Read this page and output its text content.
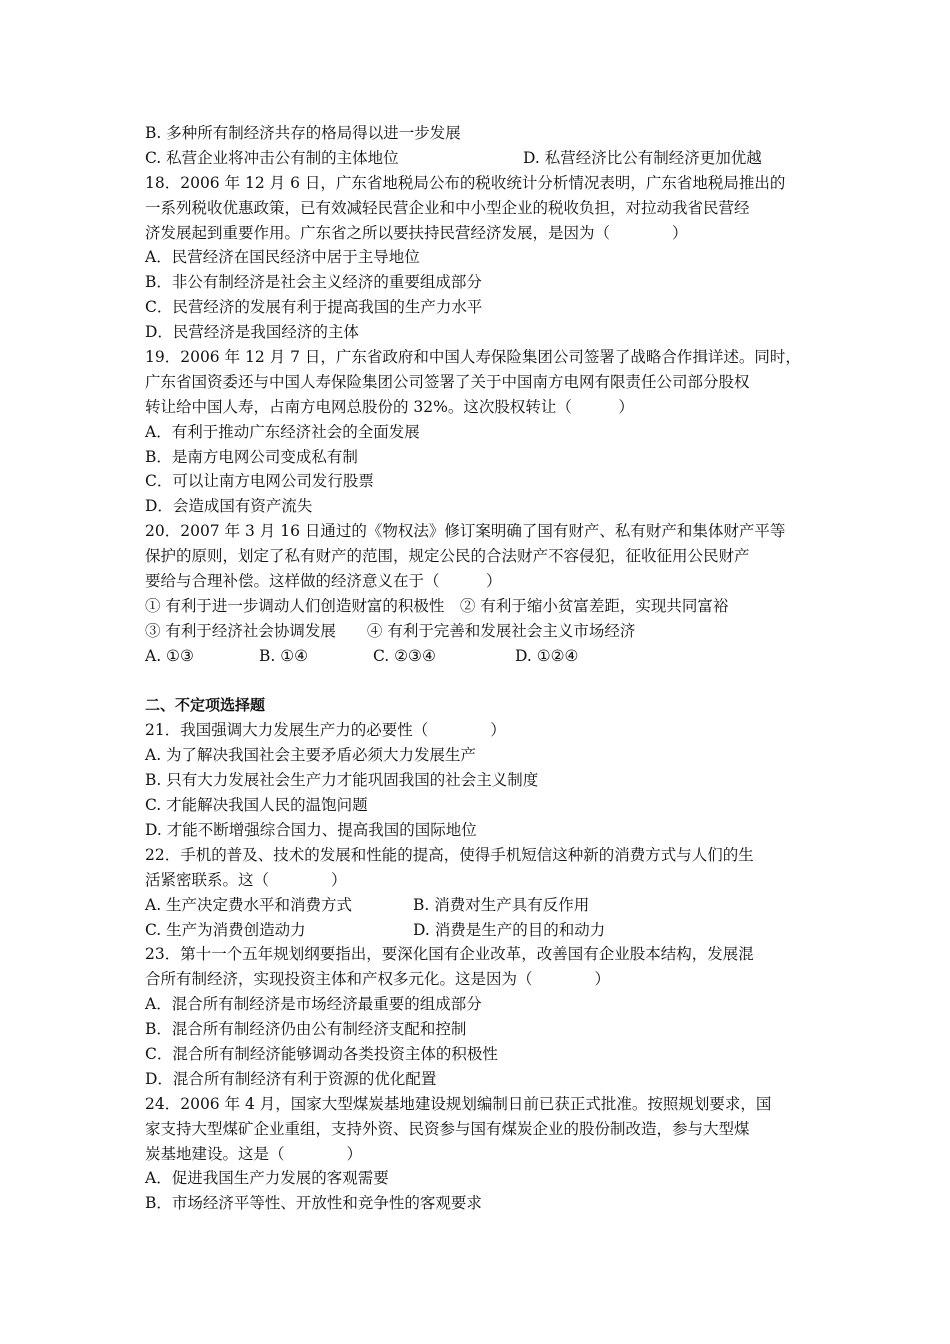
B. 多种所有制经济共存的格局得以进一步发展
C. 私营企业将冲击公有制的主体地位	D. 私营经济比公有制经济更加优越
18．2006 年 12 月 6 日，广东省地税局公布的税收统计分析情况表明，广东省地税局推出的
一系列税收优惠政策，已有效减轻民营企业和中小型企业的税收负担，对拉动我省民营经
济发展起到重要作用。广东省之所以要扶持民营经济发展，是因为（　　　　）
A．民营经济在国民经济中居于主导地位
B．非公有制经济是社会主义经济的重要组成部分
C．民营经济的发展有利于提高我国的生产力水平
D．民营经济是我国经济的主体
19．2006 年 12 月 7 日，广东省政府和中国人寿保险集团公司签署了战略合作揖详述。同时，
广东省国资委还与中国人寿保险集团公司签署了关于中国南方电网有限责任公司部分股权
转让给中国人寿，占南方电网总股份的 32%。这次股权转让（　　　）
A．有利于推动广东经济社会的全面发展
B．是南方电网公司变成私有制
C．可以让南方电网公司发行股票
D．会造成国有资产流失
20．2007 年 3 月 16 日通过的《物权法》修订案明确了国有财产、私有财产和集体财产平等
保护的原则，划定了私有财产的范围，规定公民的合法财产不容侵犯，征收征用公民财产
要给与合理补偿。这样做的经济意义在于（　　　）
① 有利于进一步调动人们创造财富的积极性　② 有利于缩小贫富差距，实现共同富裕
③ 有利于经济社会协调发展　　④ 有利于完善和发展社会主义市场经济
A. ①③	B. ①④	C. ②③④	D. ①②④
二、不定项选择题
21．我国强调大力发展生产力的必要性（　　　　）
A. 为了解决我国社会主要矛盾必须大力发展生产
B. 只有大力发展社会生产力才能巩固我国的社会主义制度
C. 才能解决我国人民的温饱问题
D. 才能不断增强综合国力、提高我国的国际地位
22．手机的普及、技术的发展和性能的提高，使得手机短信这种新的消费方式与人们的生
活紧密联系。这（　　　　）
A. 生产决定费水平和消费方式	B. 消费对生产具有反作用
C. 生产为消费创造动力	D. 消费是生产的目的和动力
23．第十一个五年规划纲要指出，要深化国有企业改革，改善国有企业股本结构，发展混
合所有制经济，实现投资主体和产权多元化。这是因为（　　　　）
A．混合所有制经济是市场经济最重要的组成部分
B．混合所有制经济仍由公有制经济支配和控制
C．混合所有制经济能够调动各类投资主体的积极性
D．混合所有制经济有利于资源的优化配置
24．2006 年 4 月，国家大型煤炭基地建设规划编制日前已获正式批准。按照规划要求，国
家支持大型煤矿企业重组，支持外资、民资参与国有煤炭企业的股份制改造，参与大型煤
炭基地建设。这是（　　　　）
A．促进我国生产力发展的客观需要
B．市场经济平等性、开放性和竞争性的客观要求
